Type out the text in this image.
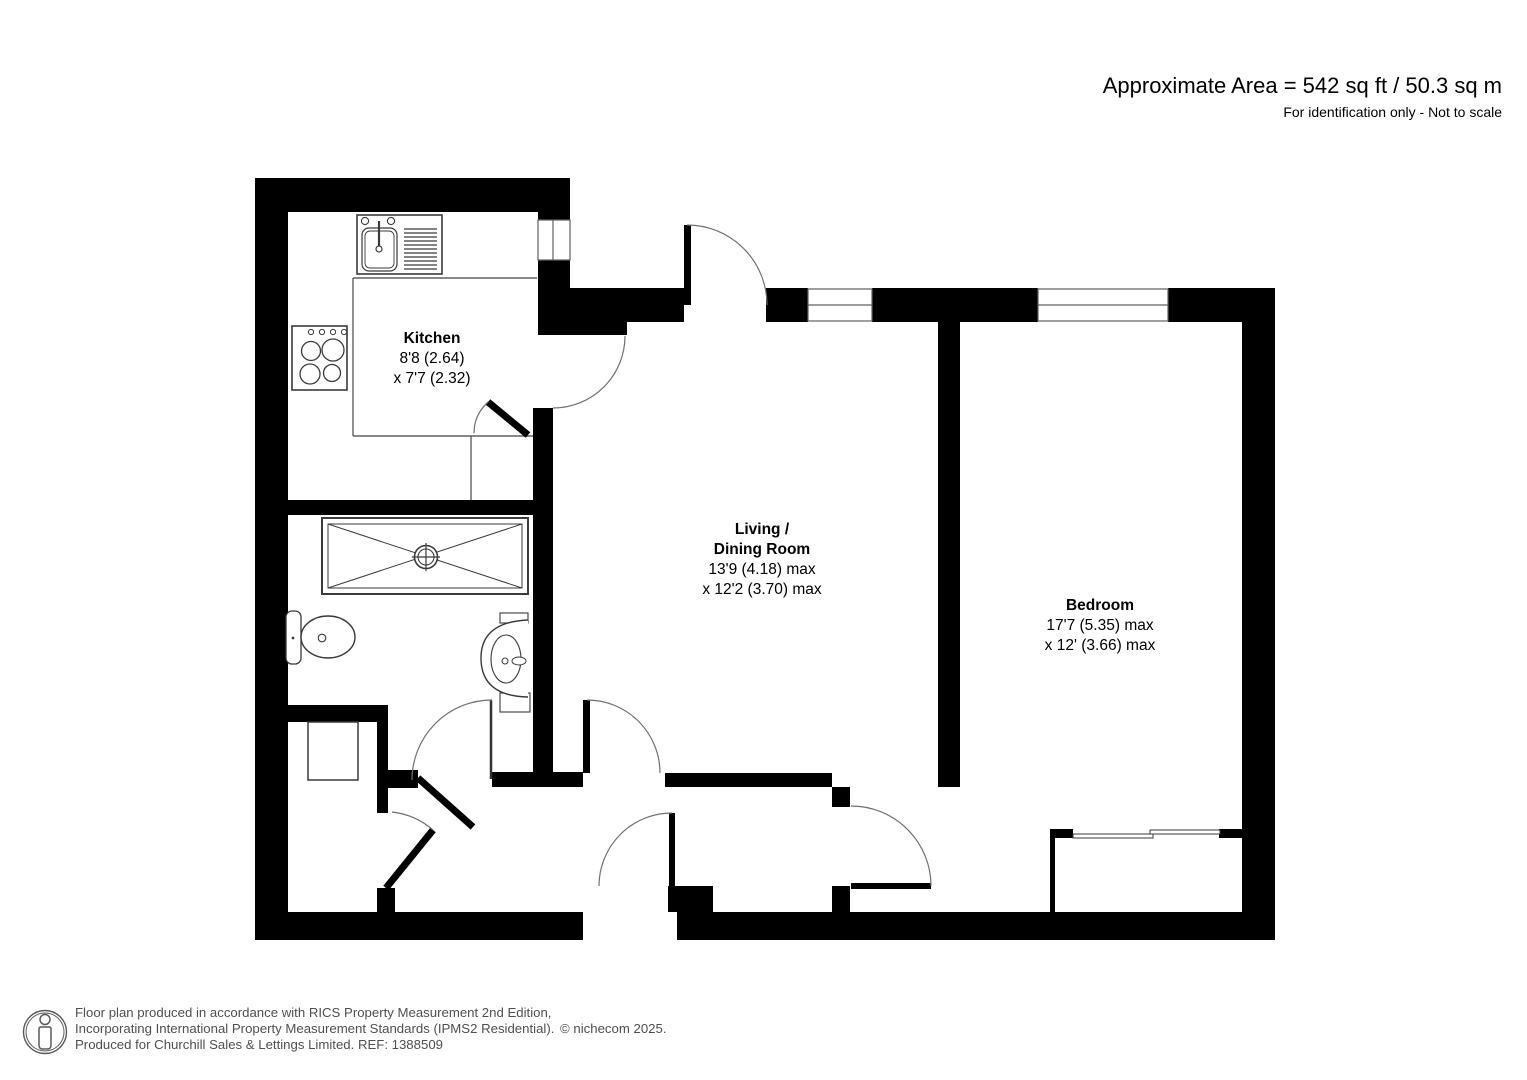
Approximate Area = 542 sq ft / 50.3 sq m
For identification only - Not to scale
Kitchen
8'8 (2.64)
x 7'7 (2.32)
Living /
Dining Room
13'9 (4.18) max
x 12'2 (3.70) max
Bedroom
17'7 (5.35) max
x 12' (3.66) max
Floor plan produced in accordance with RICS Property Measurement 2nd Edition,
Incorporating International Property Measurement Standards (IPMS2 Residential).
Produced for Churchill Sales & Lettings Limited. REF: 1388509
© nichecom 2025.
